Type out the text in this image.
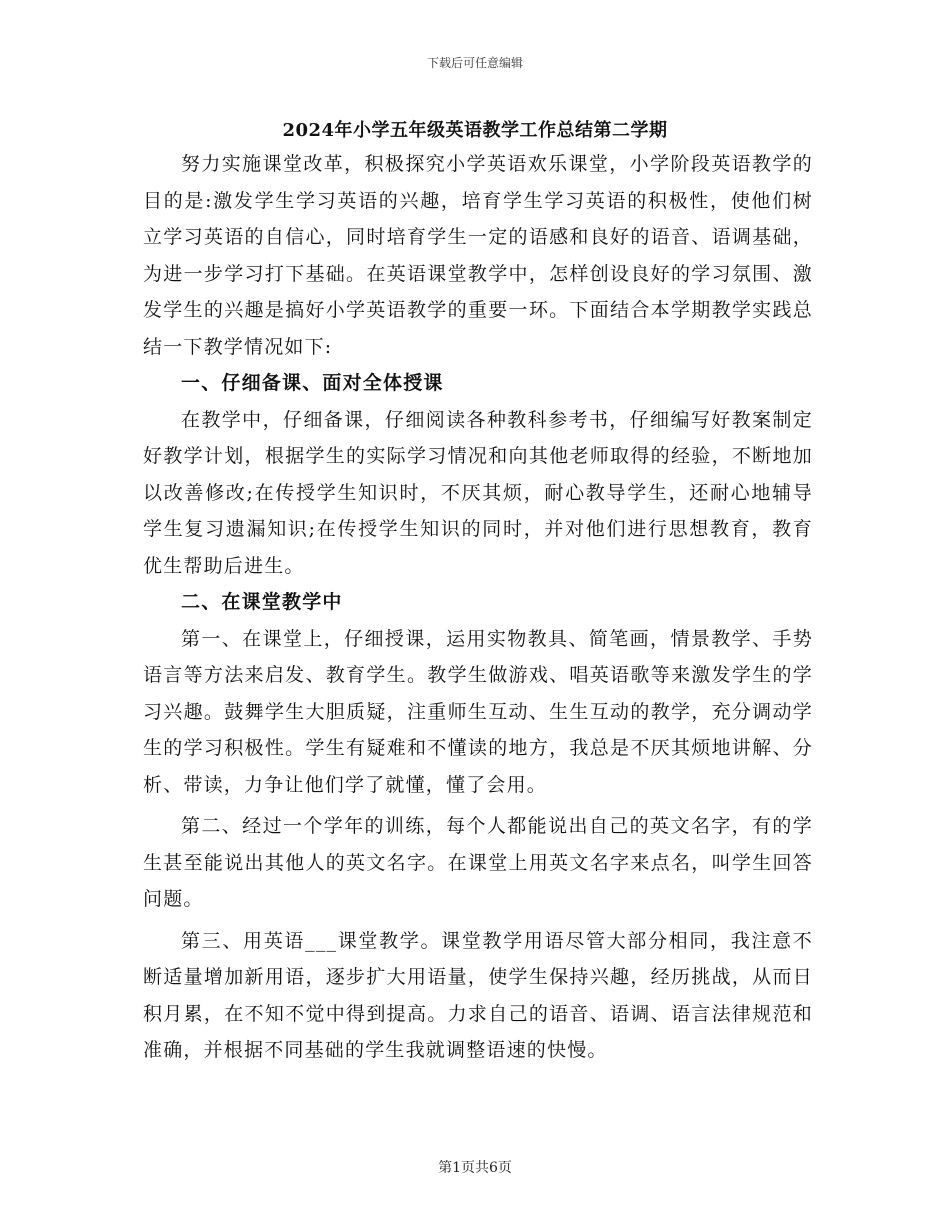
下载后可任意编辑
2024年小学五年级英语教学工作总结第二学期

努力实施课堂改革，积极探究小学英语欢乐课堂，小学阶段英语教学的目的是:激发学生学习英语的兴趣，培育学生学习英语的积极性，使他们树立学习英语的自信心，同时培育学生一定的语感和良好的语音、语调基础，为进一步学习打下基础。在英语课堂教学中，怎样创设良好的学习氛围、激发学生的兴趣是搞好小学英语教学的重要一环。下面结合本学期教学实践总结一下教学情况如下:

一、仔细备课、面对全体授课

在教学中，仔细备课，仔细阅读各种教科参考书，仔细编写好教案制定好教学计划，根据学生的实际学习情况和向其他老师取得的经验，不断地加以改善修改;在传授学生知识时，不厌其烦，耐心教导学生，还耐心地辅导学生复习遗漏知识;在传授学生知识的同时，并对他们进行思想教育，教育优生帮助后进生。

二、在课堂教学中

第一、在课堂上，仔细授课，运用实物教具、简笔画，情景教学、手势语言等方法来启发、教育学生。教学生做游戏、唱英语歌等来激发学生的学习兴趣。鼓舞学生大胆质疑，注重师生互动、生生互动的教学，充分调动学生的学习积极性。学生有疑难和不懂读的地方，我总是不厌其烦地讲解、分析、带读，力争让他们学了就懂，懂了会用。

第二、经过一个学年的训练，每个人都能说出自己的英文名字，有的学生甚至能说出其他人的英文名字。在课堂上用英文名字来点名，叫学生回答问题。

第三、用英语___课堂教学。课堂教学用语尽管大部分相同，我注意不断适量增加新用语，逐步扩大用语量，使学生保持兴趣，经历挑战，从而日积月累，在不知不觉中得到提高。力求自己的语音、语调、语言法律规范和准确，并根据不同基础的学生我就调整语速的快慢。

第1页共6页
